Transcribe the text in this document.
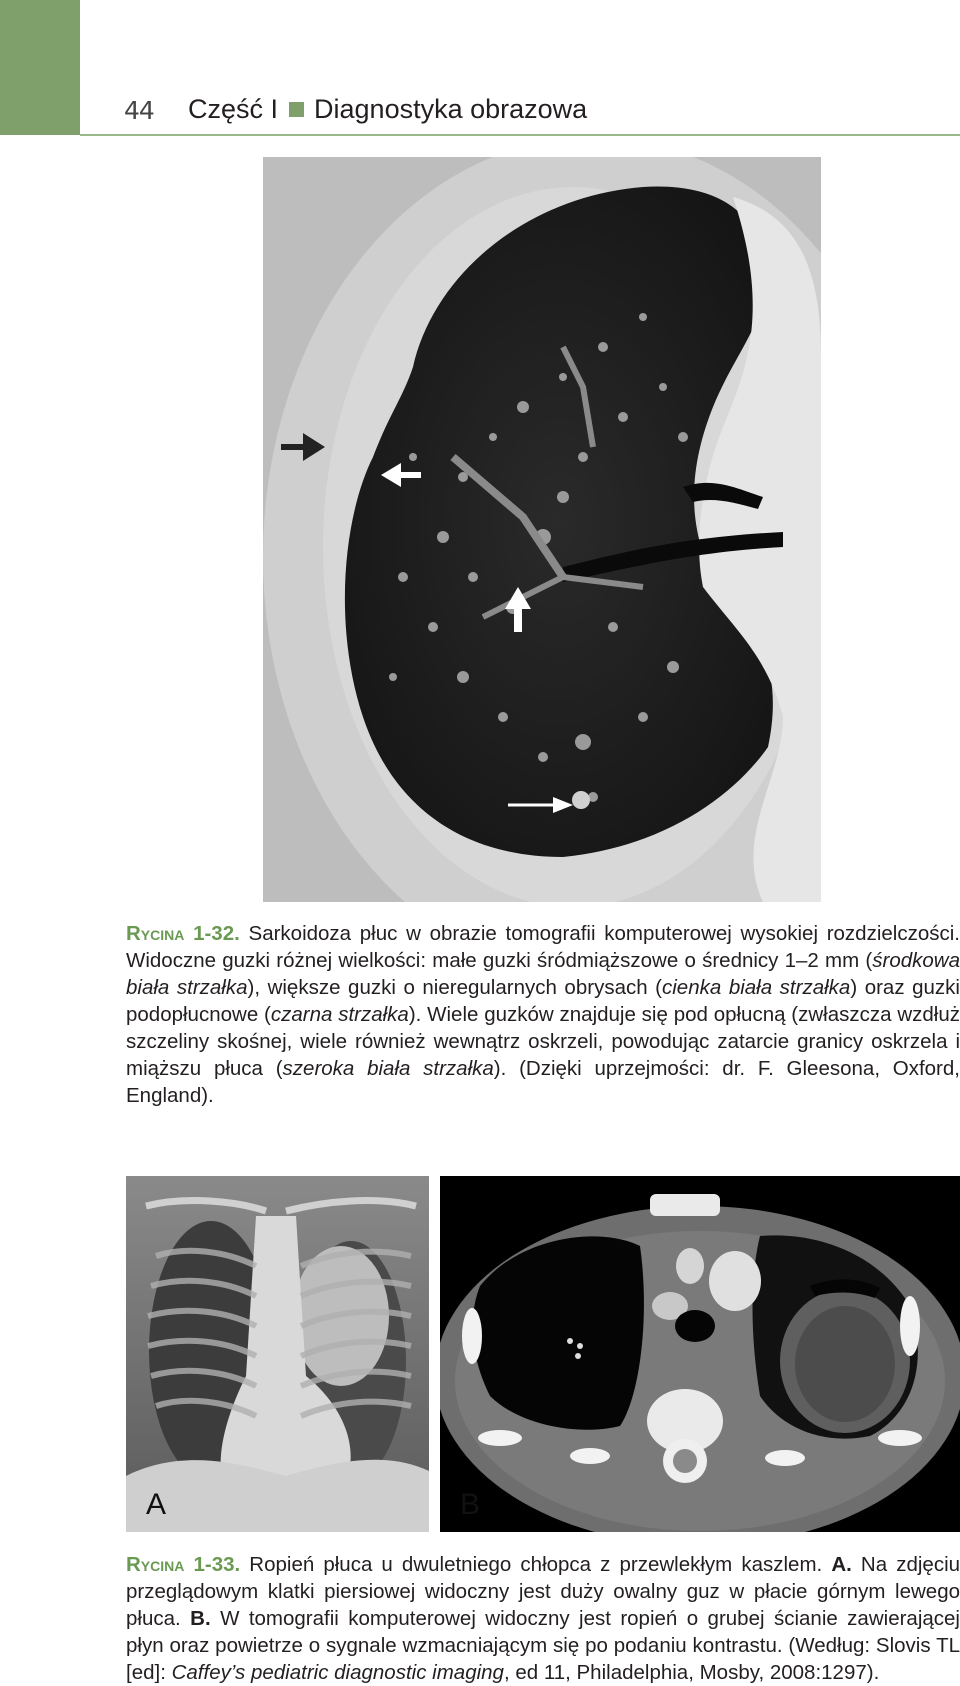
44 Część I Diagnostyka obrazowa
Rycina 1-32. Sarkoidoza płuc w obrazie tomografii komputerowej wysokiej rozdzielczości. Widoczne guzki różnej wielkości: małe guzki śródmiąższowe o średnicy 1–2 mm (środkowa biała strzałka), większe guzki o nieregularnych obrysach (cienka biała strzałka) oraz guzki podopłucnowe (czarna strzałka). Wiele guzków znajduje się pod opłucną (zwłaszcza wzdłuż szczeliny skośnej, wiele również wewnątrz oskrzeli, powodując zatarcie granicy oskrzela i miąższu płuca (szeroka biała strzałka). (Dzięki uprzejmości: dr. F. Gleesona, Oxford, England).
A	B
Rycina 1-33. Ropień płuca u dwuletniego chłopca z przewlekłym kaszlem. A. Na zdjęciu przeglądowym klatki piersiowej widoczny jest duży owalny guz w płacie górnym lewego płuca. B. W tomografii komputerowej widoczny jest ropień o grubej ścianie zawierającej płyn oraz powietrze o sygnale wzmacniającym się po podaniu kontrastu. (Według: Slovis TL [ed]: Caffey’s pediatric diagnostic imaging, ed 11, Philadelphia, Mosby, 2008:1297).
